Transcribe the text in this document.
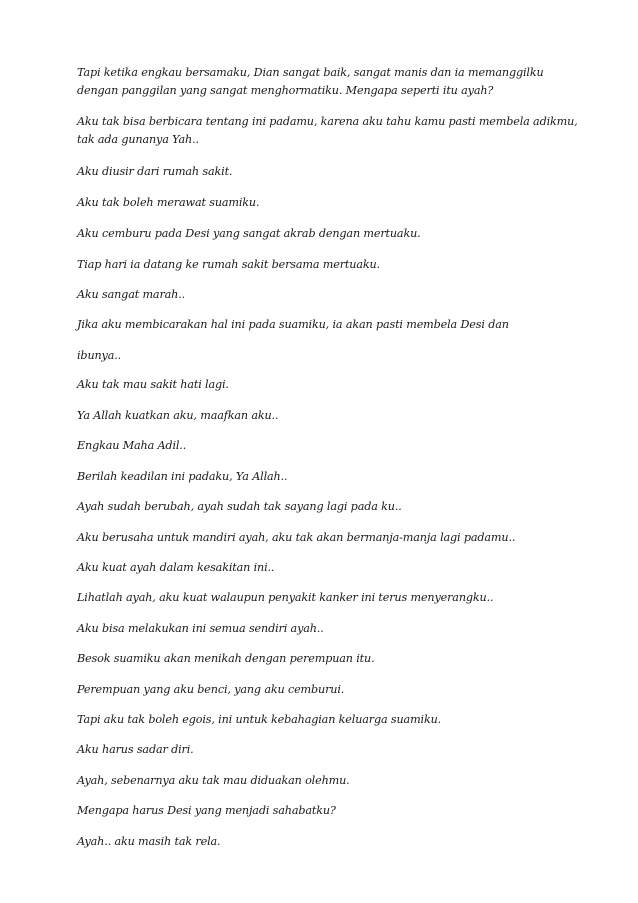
Tapi ketika engkau bersamaku, Dian sangat baik, sangat manis dan ia memanggilku
dengan panggilan yang sangat menghormatiku. Mengapa seperti itu ayah?
Aku tak bisa berbicara tentang ini padamu, karena aku tahu kamu pasti membela adikmu,
tak ada gunanya Yah..
Aku diusir dari rumah sakit.
Aku tak boleh merawat suamiku.
Aku cemburu pada Desi yang sangat akrab dengan mertuaku.
Tiap hari ia datang ke rumah sakit bersama mertuaku.
Aku sangat marah..
Jika aku membicarakan hal ini pada suamiku, ia akan pasti membela Desi dan
ibunya..
Aku tak mau sakit hati lagi.
Ya Allah kuatkan aku, maafkan aku..
Engkau Maha Adil..
Berilah keadilan ini padaku, Ya Allah..
Ayah sudah berubah, ayah sudah tak sayang lagi pada ku..
Aku berusaha untuk mandiri ayah, aku tak akan bermanja-manja lagi padamu..
Aku kuat ayah dalam kesakitan ini..
Lihatlah ayah, aku kuat walaupun penyakit kanker ini terus menyerangku..
Aku bisa melakukan ini semua sendiri ayah..
Besok suamiku akan menikah dengan perempuan itu.
Perempuan yang aku benci, yang aku cemburui.
Tapi aku tak boleh egois, ini untuk kebahagian keluarga suamiku.
Aku harus sadar diri.
Ayah, sebenarnya aku tak mau diduakan olehmu.
Mengapa harus Desi yang menjadi sahabatku?
Ayah.. aku masih tak rela.
